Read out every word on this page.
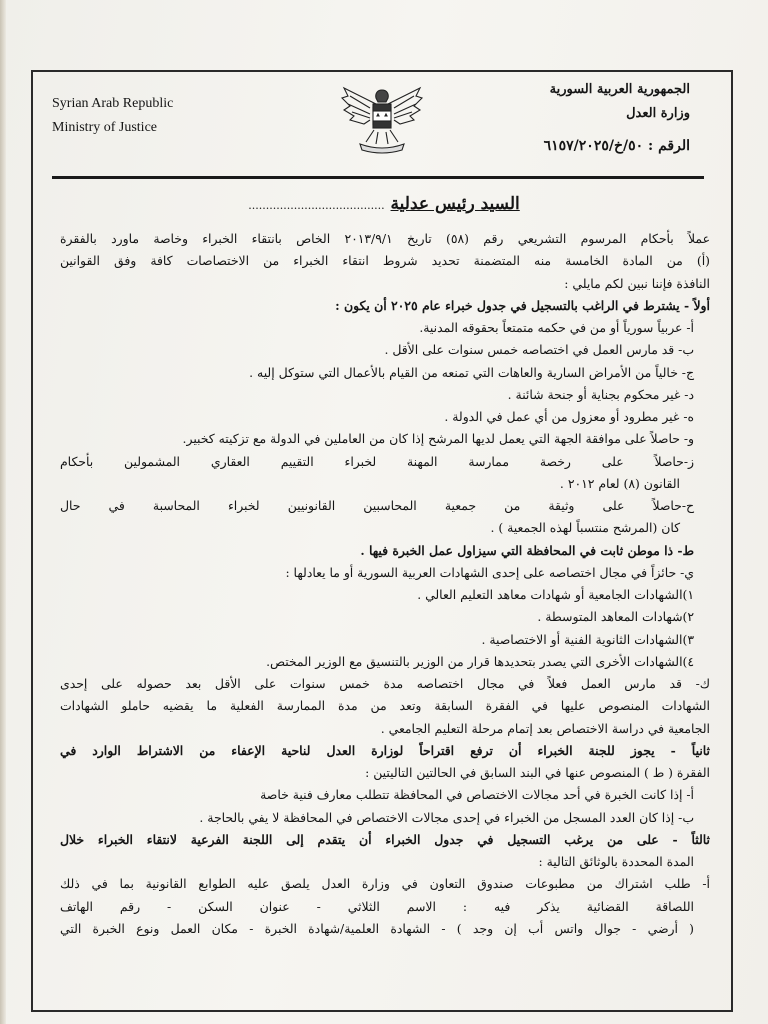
Syrian Arab Republic
Ministry of Justice
الجمهورية العربية السورية
وزارة العدل
الرقم : ٥٠/خ/٦١٥٧/٢٠٢٥
السيد رئيس عدلية .......................................
عملاً بأحكام المرسوم التشريعي رقم (٥٨) تاريخ ٢٠١٣/٩/١ الخاص بانتقاء الخبراء وخاصة ماورد بالفقرة
(أ) من المادة الخامسة منه المتضمنة تحديد شروط انتقاء الخبراء من الاختصاصات كافة وفق القوانين
النافذة فإننا نبين لكم مايلي :
أولاً - يشترط في الراغب بالتسجيل في جدول خبراء عام ٢٠٢٥ أن يكون :
أ- عربياً سورياً أو من في حكمه متمتعاً بحقوقه المدنية.
ب- قد مارس العمل في اختصاصه خمس سنوات على الأقل .
ج- خالياً من الأمراض السارية والعاهات التي تمنعه من القيام بالأعمال التي ستوكل إليه .
د- غير محكوم بجناية أو جنحة شائنة .
ه- غير مطرود أو معزول من أي عمل في الدولة .
و- حاصلاً على موافقة الجهة التي يعمل لديها المرشح إذا كان من العاملين في الدولة مع تزكيته كخبير.
ز-حاصلاً على رخصة ممارسة المهنة لخبراء التقييم العقاري المشمولين بأحكام
القانون (٨) لعام ٢٠١٢ .
ح-حاصلاً على وثيقة من جمعية المحاسبين القانونيين لخبراء المحاسبة في حال
كان (المرشح منتسباً لهذه الجمعية ) .
ط- ذا موطن ثابت في المحافظة التي سيزاول عمل الخبرة فيها .
ي- حائزاً في مجال اختصاصه على إحدى الشهادات العربية السورية أو ما يعادلها :
١)الشهادات الجامعية أو شهادات معاهد التعليم العالي .
٢)شهادات المعاهد المتوسطة .
٣)الشهادات الثانوية الفنية أو الاختصاصية .
٤)الشهادات الأخرى التي يصدر بتحديدها قرار من الوزير بالتنسيق مع الوزير المختص.
ك- قد مارس العمل فعلاً في مجال اختصاصه مدة خمس سنوات على الأقل بعد حصوله على إحدى
الشهادات المنصوص عليها في الفقرة السابقة وتعد من مدة الممارسة الفعلية ما يقضيه حاملو الشهادات
الجامعية في دراسة الاختصاص بعد إتمام مرحلة التعليم الجامعي .
ثانياً - يجوز للجنة الخبراء أن ترفع اقتراحاً لوزارة العدل لناحية الإعفاء من الاشتراط الوارد في
الفقرة ( ط ) المنصوص عنها في البند السابق في الحالتين التاليتين :
أ- إذا كانت الخبرة في أحد مجالات الاختصاص في المحافظة تتطلب معارف فنية خاصة
ب- إذا كان العدد المسجل من الخبراء في إحدى مجالات الاختصاص في المحافظة لا يفي بالحاجة .
ثالثاً - على من يرغب التسجيل في جدول الخبراء أن يتقدم إلى اللجنة الفرعية لانتقاء الخبراء خلال
المدة المحددة بالوثائق التالية :
أ- طلب اشتراك من مطبوعات صندوق التعاون في وزارة العدل يلصق عليه الطوابع القانونية بما في ذلك
اللصاقة القضائية يذكر فيه : الاسم الثلاثي - عنوان السكن - رقم الهاتف
( أرضي - جوال واتس أب إن وجد ) - الشهادة العلمية/شهادة الخبرة - مكان العمل ونوع الخبرة التي
